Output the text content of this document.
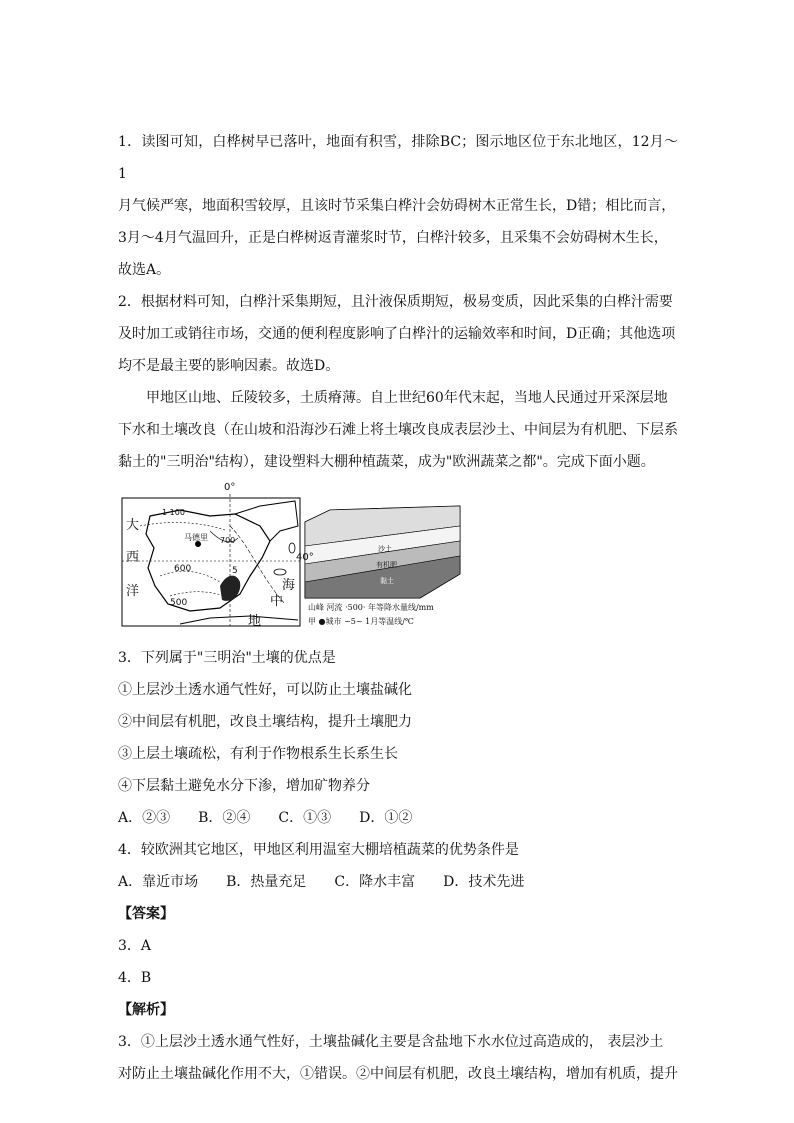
1．读图可知，白桦树早已落叶，地面有积雪，排除BC；图示地区位于东北地区，12月～1

月气候严寒，地面积雪较厚，且该时节采集白桦汁会妨碍树木正常生长，D错；相比而言，

3月～4月气温回升，正是白桦树返青灌浆时节，白桦汁较多，且采集不会妨碍树木生长，

故选A。

2．根据材料可知，白桦汁采集期短，且汁液保质期短，极易变质，因此采集的白桦汁需要

及时加工或销往市场，交通的便利程度影响了白桦汁的运输效率和时间，D正确；其他选项

均不是最主要的影响因素。故选D。

甲地区山地、丘陵较多，土质瘠薄。自上世纪60年代末起，当地人民通过开采深层地

下水和土壤改良（在山坡和沿海沙石滩上将土壤改良成表层沙土、中间层为有机肥、下层系

黏土的"三明治"结构），建设塑料大棚种植蔬菜，成为"欧洲蔬菜之都"。完成下面小题。

0°
40°
大
西
洋
地
中
海
1 100
600
500
5
700
马德里
沙土
有机肥
黏土
山峰 河流 ·500· 年等降水量线/mm
甲 ●城市 ~5~ 1月等温线/℃

3．下列属于"三明治"土壤的优点是

①上层沙土透水通气性好，可以防止土壤盐碱化

②中间层有机肥，改良土壤结构，提升土壤肥力

③上层土壤疏松，有利于作物根系生长系生长

④下层黏土避免水分下渗，增加矿物养分

A．②③ B．②④ C．①③ D．①②

4．较欧洲其它地区，甲地区利用温室大棚培植蔬菜的优势条件是

A．靠近市场 B．热量充足 C．降水丰富 D．技术先进

【答案】

3．A

4．B

【解析】

3．①上层沙土透水通气性好，土壤盐碱化主要是含盐地下水水位过高造成的， 表层沙土

对防止土壤盐碱化作用不大，①错误。②中间层有机肥，改良土壤结构，增加有机质，提升
